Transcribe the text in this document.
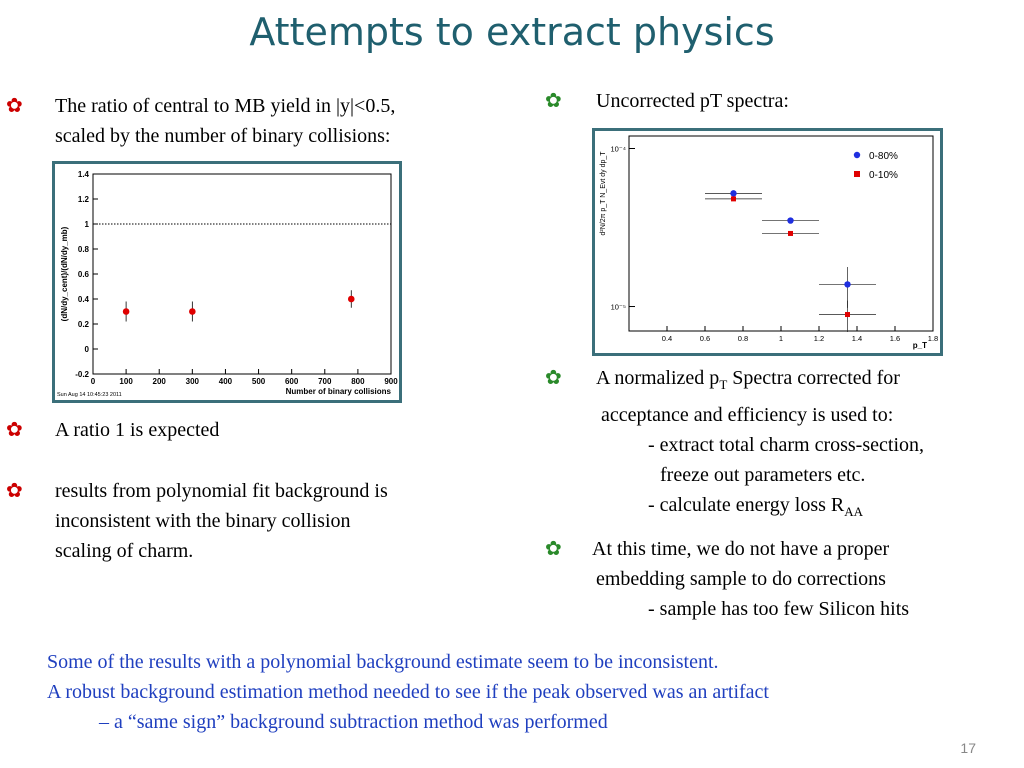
Attempts to extract physics
✿ The ratio of central to MB yield in |y|<0.5,
scaled by the number of binary collisions:
-0.2
0
0.2
0.4
0.6
0.8
1
1.2
1.4
0	100 200 300 400 500 600 700 800 900
Number of binary collisions
(dN/dy_cent)/(dN/dy_mb)
Sun Aug 14 10:45:23 2011
✿ A ratio 1 is expected
✿ results from polynomial fit background is
inconsistent with the binary collision
scaling of charm.
✿ Uncorrected pT spectra:
0.4	0.6	0.8	1	1.2	1.4	1.6	1.8
10⁻⁴
10⁻⁵
p_T
d²N/2π p_T N_Evt dy dp_T	0-80%
0-10%
✿ A normalized $p_T$ Spectra corrected for
acceptance and efficiency is used to:
- extract total charm cross-section,
freeze out parameters etc.
- calculate energy loss $R_{AA}$
✿ At this time, we do not have a proper
embedding sample to do corrections
- sample has too few Silicon hits
Some of the results with a polynomial background estimate seem to be inconsistent.
A robust background estimation method needed to see if the peak observed was an artifact
– a “same sign” background subtraction method was performed
17
